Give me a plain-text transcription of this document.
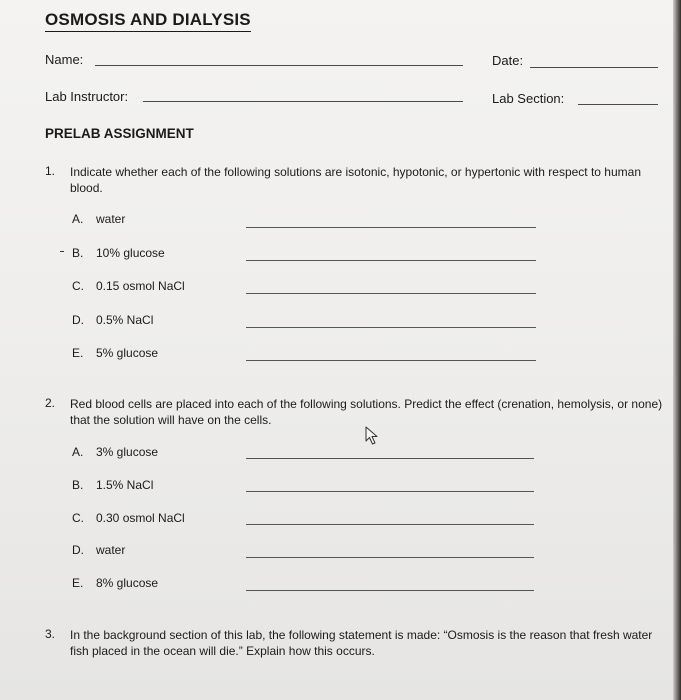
OSMOSIS AND DIALYSIS
Name:	Date:
Lab Instructor:	Lab Section:
PRELAB ASSIGNMENT
1. Indicate whether each of the following solutions are isotonic, hypotonic, or hypertonic with respect to human blood.
A. water
B. 10% glucose
C. 0.15 osmol NaCl
D. 0.5% NaCl
E. 5% glucose
2. Red blood cells are placed into each of the following solutions. Predict the effect (crenation, hemolysis, or none) that the solution will have on the cells.
A. 3% glucose
B. 1.5% NaCl
C. 0.30 osmol NaCl
D. water
E. 8% glucose
3. In the background section of this lab, the following statement is made: “Osmosis is the reason that fresh water fish placed in the ocean will die.” Explain how this occurs.
